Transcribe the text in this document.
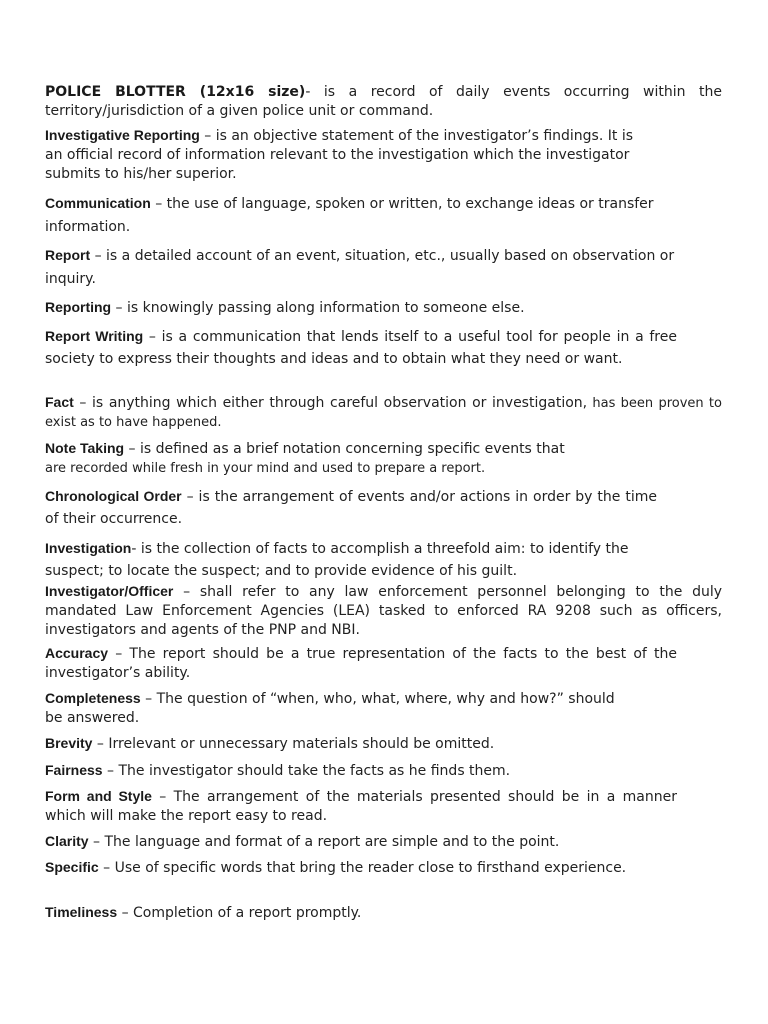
POLICE BLOTTER (12x16 size)- is a record of daily events occurring within the territory/jurisdiction of a given police unit or command.

Investigative Reporting – is an objective statement of the investigator’s findings. It is an official record of information relevant to the investigation which the investigator submits to his/her superior.

Communication – the use of language, spoken or written, to exchange ideas or transfer information.

Report – is a detailed account of an event, situation, etc., usually based on observation or inquiry.

Reporting – is knowingly passing along information to someone else.

Report Writing – is a communication that lends itself to a useful tool for people in a free society to express their thoughts and ideas and to obtain what they need or want.

Fact – is anything which either through careful observation or investigation, has been proven to exist as to have happened.

Note Taking – is defined as a brief notation concerning specific events that
are recorded while fresh in your mind and used to prepare a report.

Chronological Order – is the arrangement of events and/or actions in order by the time of their occurrence.

Investigation- is the collection of facts to accomplish a threefold aim: to identify the suspect; to locate the suspect; and to provide evidence of his guilt.

Investigator/Officer – shall refer to any law enforcement personnel belonging to the duly mandated Law Enforcement Agencies (LEA) tasked to enforced RA 9208 such as officers, investigators and agents of the PNP and NBI.

Accuracy – The report should be a true representation of the facts to the best of the investigator’s ability.

Completeness – The question of “when, who, what, where, why and how?” should be answered.

Brevity – Irrelevant or unnecessary materials should be omitted.

Fairness – The investigator should take the facts as he finds them.

Form and Style – The arrangement of the materials presented should be in a manner which will make the report easy to read.

Clarity – The language and format of a report are simple and to the point.

Specific – Use of specific words that bring the reader close to firsthand experience.

Timeliness – Completion of a report promptly.
